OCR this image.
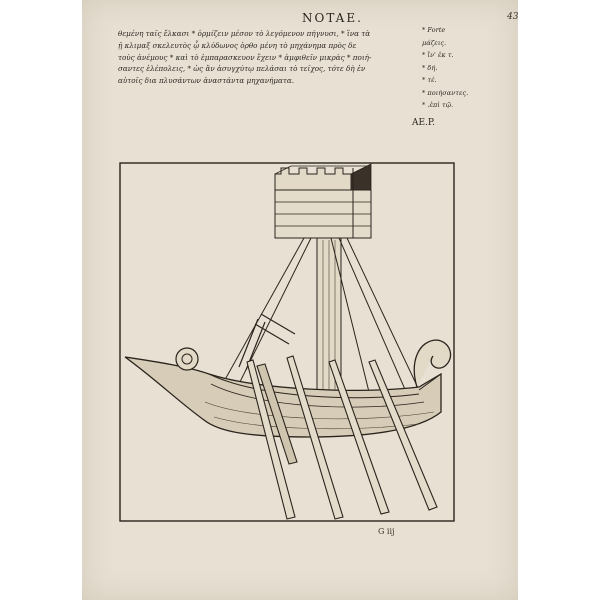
NOTAE.	43
θεμένη ταῖς ἕλκασι * ὁρμίζειν μέσον τὸ λεγόμενον πήγνυσι, * ἵνα τὰ
ῇ κλιμαξ σκελευτὸς ᾧ κλύδωνος ὀρθο μένη τὸ μηχάνημα πρὸς δε
τοὺς ἀνέμους * καὶ τὸ ἐμπαρασκευον ἔχειν * ἀμφιθεῖν μικρὰς * ποιή-
σαντες ἑλέπολεις, * ὡς ἂν ἀσυγχύτῳ πελάσαι τὸ τεῖχος, τότε δὴ ἐν
αὐτοῖς δια πλυσάντων ἀναστάντα μηχανήματα.
* Forte
μάζεις.
* ἵν' ἐκ τ.
* δή.
* τέ.
* ποιήσαντες.
* .ἐπὶ τῷ.
AE.P.
G iij
